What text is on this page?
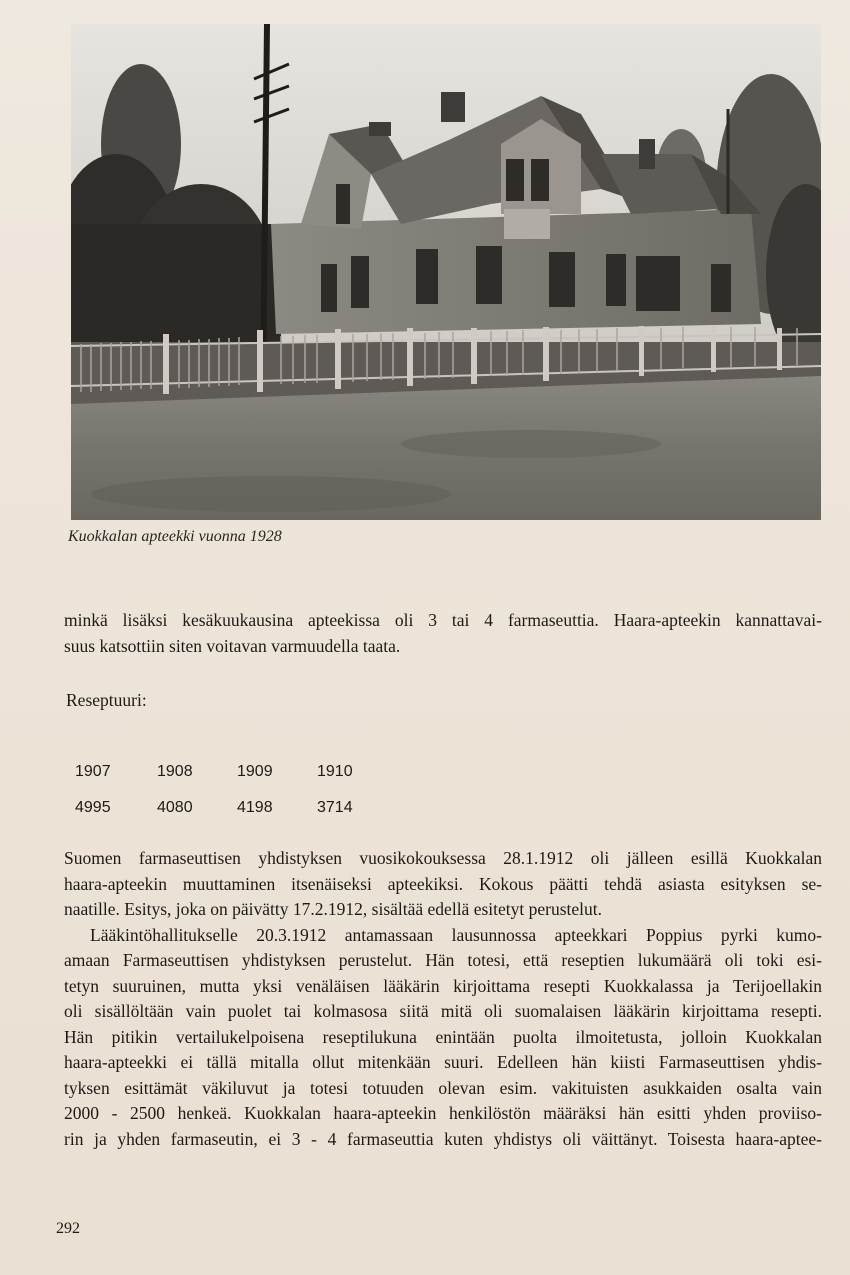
Kuokkalan apteekki vuonna 1928
minkä lisäksi kesäkuukausina apteekissa oli 3 tai 4 farmaseuttia. Haara-apteekin kannattavai-
suus katsottiin siten voitavan varmuudella taata.
Reseptuuri:
1907	1908	1909	1910
4995	4080	4198	3714
Suomen farmaseuttisen yhdistyksen vuosikokouksessa 28.1.1912 oli jälleen esillä Kuokkalan
haara-apteekin muuttaminen itsenäiseksi apteekiksi. Kokous päätti tehdä asiasta esityksen se-
naatille. Esitys, joka on päivätty 17.2.1912, sisältää edellä esitetyt perustelut.
Lääkintöhallitukselle 20.3.1912 antamassaan lausunnossa apteekkari Poppius pyrki kumo-
amaan Farmaseuttisen yhdistyksen perustelut. Hän totesi, että reseptien lukumäärä oli toki esi-
tetyn suuruinen, mutta yksi venäläisen lääkärin kirjoittama resepti Kuokkalassa ja Terijoellakin
oli sisällöltään vain puolet tai kolmasosa siitä mitä oli suomalaisen lääkärin kirjoittama resepti.
Hän pitikin vertailukelpoisena reseptilukuna enintään puolta ilmoitetusta, jolloin Kuokkalan
haara-apteekki ei tällä mitalla ollut mitenkään suuri. Edelleen hän kiisti Farmaseuttisen yhdis-
tyksen esittämät väkiluvut ja totesi totuuden olevan esim. vakituisten asukkaiden osalta vain
2000 - 2500 henkeä. Kuokkalan haara-apteekin henkilöstön määräksi hän esitti yhden proviiso-
rin ja yhden farmaseutin, ei 3 - 4 farmaseuttia kuten yhdistys oli väittänyt. Toisesta haara-aptee-
292
